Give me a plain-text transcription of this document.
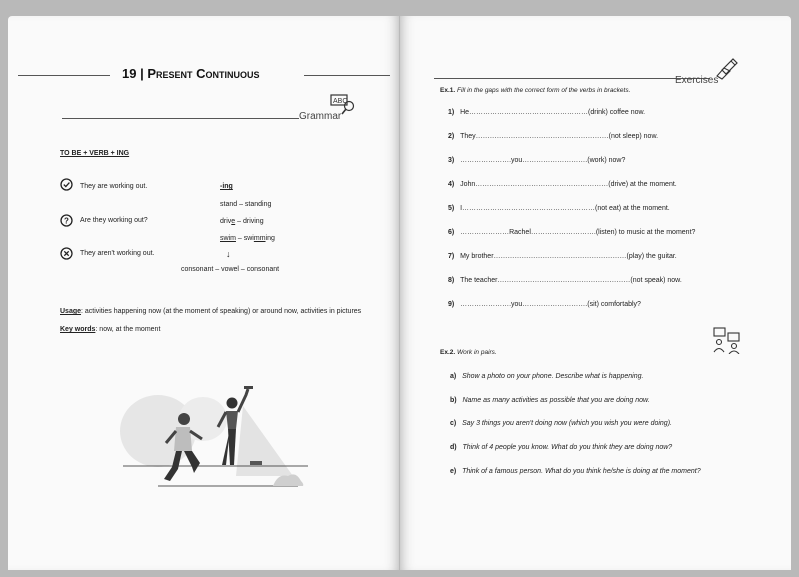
19 | Present Continuous
Grammar
ABC
TO BE + VERB + ING
They are working out.
? Are they working out?
They aren't working out.
-ing
stand – standing
drive – driving
swim – swimming
↓
consonant – vowel – consonant
Usage: activities happening now (at the moment of speaking) or around now, activities in pictures
Key words: now, at the moment
Exercises
Ex.1. Fill in the gaps with the correct form of the verbs in brackets.
1) He……………………………………………(drink) coffee now.
2) They…………………………………………………(not sleep) now.
3) ………………….you……………………….(work) now?
4) John…………………………………………………(drive) at the moment.
5) I…………………………………………………(not eat) at the moment.
6) …………………Rachel……………………….(listen) to music at the moment?
7) My brother…………………………………………………(play) the guitar.
8) The teacher…………………………………………………(not speak) now.
9) ………………….you……………………….(sit) comfortably?
Ex.2. Work in pairs.
a) Show a photo on your phone. Describe what is happening.
b) Name as many activities as possible that you are doing now.
c) Say 3 things you aren't doing now (which you wish you were doing).
d) Think of 4 people you know. What do you think they are doing now?
e) Think of a famous person. What do you think he/she is doing at the moment?
